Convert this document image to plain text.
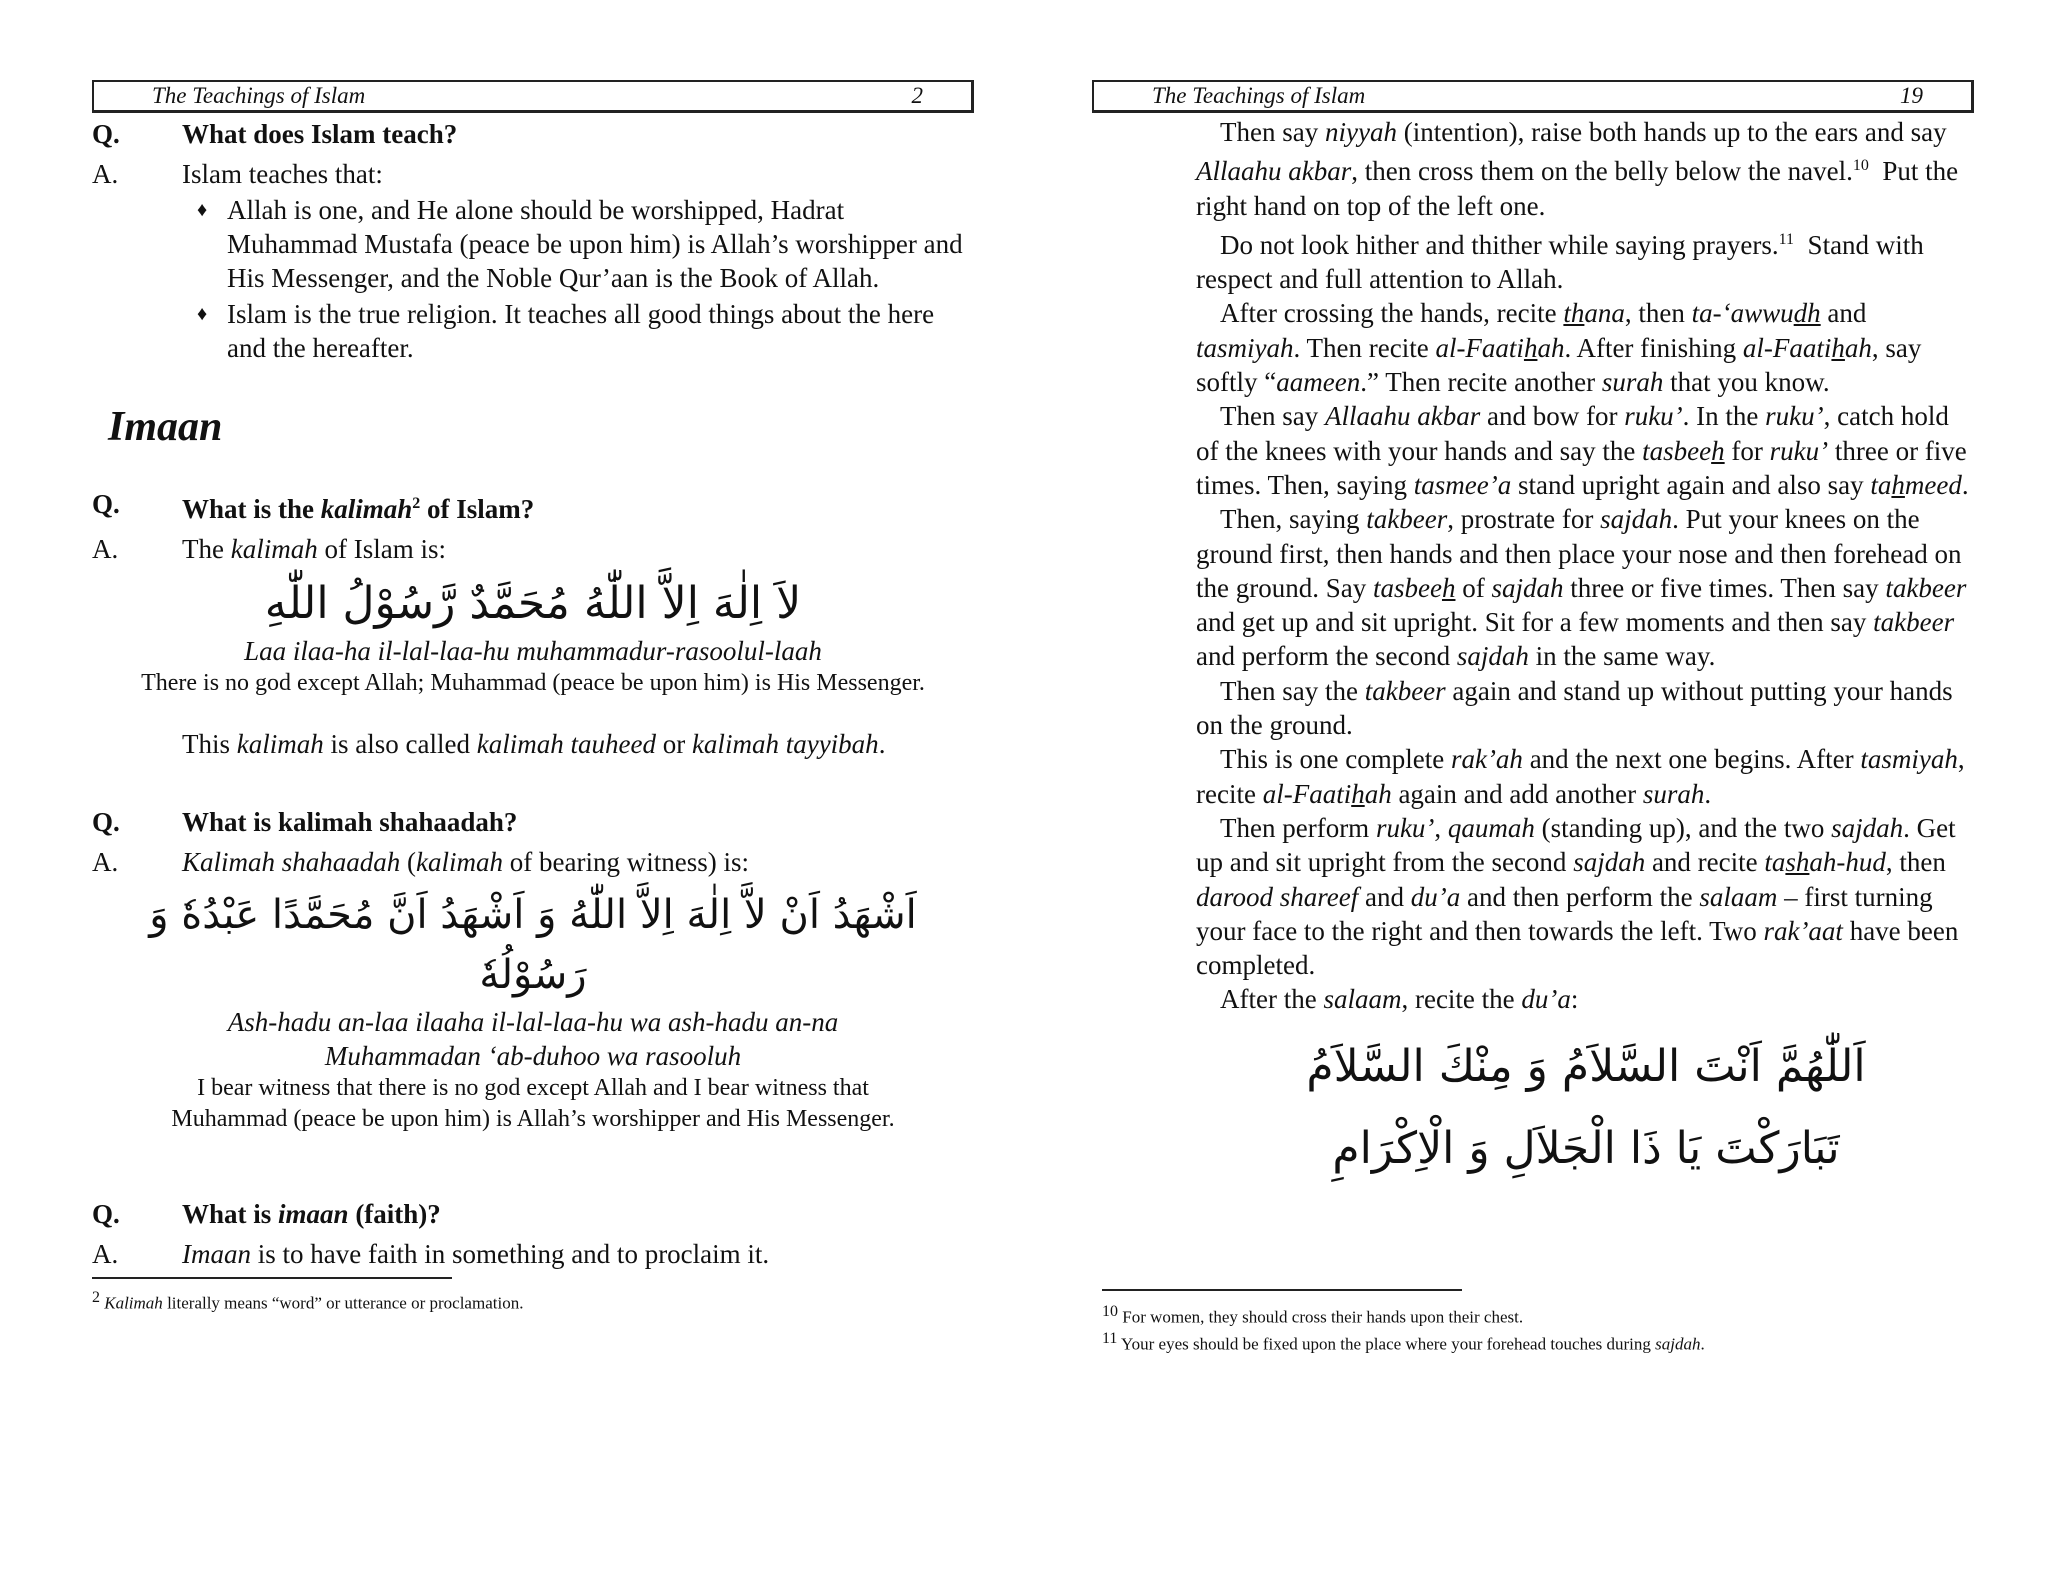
The Teachings of Islam	2
Q.	What does Islam teach?
A.	Islam teaches that:
♦ Allah is one, and He alone should be worshipped, Hadrat Muhammad Mustafa (peace be upon him) is Allah’s worshipper and His Messenger, and the Noble Qur’aan is the Book of Allah.
♦ Islam is the true religion. It teaches all good things about the here and the hereafter.
Imaan
Q.	What is the kalimah$^2$ of Islam?
A.	The kalimah of Islam is:
لاَ اِلٰهَ اِلاَّ اللّٰهُ مُحَمَّدٌ رَّسُوْلُ اللّٰهِ
Laa ilaa-ha il-lal-laa-hu muhammadur-rasoolul-laah
There is no god except Allah; Muhammad (peace be upon him) is His Messenger.
This kalimah is also called kalimah tauheed or kalimah tayyibah.
Q.	What is kalimah shahaadah?
A.	Kalimah shahaadah (kalimah of bearing witness) is:
اَشْهَدُ اَنْ لاَّ اِلٰهَ اِلاَّ اللّٰهُ وَ اَشْهَدُ اَنَّ مُحَمَّدًا عَبْدُهٗ وَ رَسُوْلُهٗ
Ash-hadu an-laa ilaaha il-lal-laa-hu wa ash-hadu an-na
Muhammadan ‘ab-duhoo wa rasooluh
I bear witness that there is no god except Allah and I bear witness that
Muhammad (peace be upon him) is Allah’s worshipper and His Messenger.
Q.	What is imaan (faith)?
A.	Imaan is to have faith in something and to proclaim it.
$^2$ Kalimah literally means “word” or utterance or proclamation.
The Teachings of Islam	19
Then say niyyah (intention), raise both hands up to the ears and say Allaahu akbar, then cross them on the belly below the navel.$^{10}$  Put the right hand on top of the left one.
Do not look hither and thither while saying prayers.$^{11}$  Stand with respect and full attention to Allah.
After crossing the hands, recite thana, then ta-‘awwudh and tasmiyah. Then recite al-Faatihah. After finishing al-Faatihah, say softly “aameen.” Then recite another surah that you know.
Then say Allaahu akbar and bow for ruku’. In the ruku’, catch hold of the knees with your hands and say the tasbeeh for ruku’ three or five times. Then, saying tasmee’a stand upright again and also say tahmeed.
Then, saying takbeer, prostrate for sajdah. Put your knees on the ground first, then hands and then place your nose and then forehead on the ground. Say tasbeeh of sajdah three or five times. Then say takbeer and get up and sit upright. Sit for a few moments and then say takbeer and perform the second sajdah in the same way.
Then say the takbeer again and stand up without putting your hands on the ground.
This is one complete rak’ah and the next one begins. After tasmiyah, recite al-Faatihah again and add another surah.
Then perform ruku’, qaumah (standing up), and the two sajdah. Get up and sit upright from the second sajdah and recite tashah-hud, then darood shareef and du’a and then perform the salaam – first turning your face to the right and then towards the left. Two rak’aat have been completed.
After the salaam, recite the du’a:
اَللّٰهُمَّ اَنْتَ السَّلاَمُ وَ مِنْكَ السَّلاَمُ
تَبَارَكْتَ يَا ذَا الْجَلاَلِ وَ الْاِكْرَامِ
$^{10}$ For women, they should cross their hands upon their chest.
$^{11}$ Your eyes should be fixed upon the place where your forehead touches during sajdah.
